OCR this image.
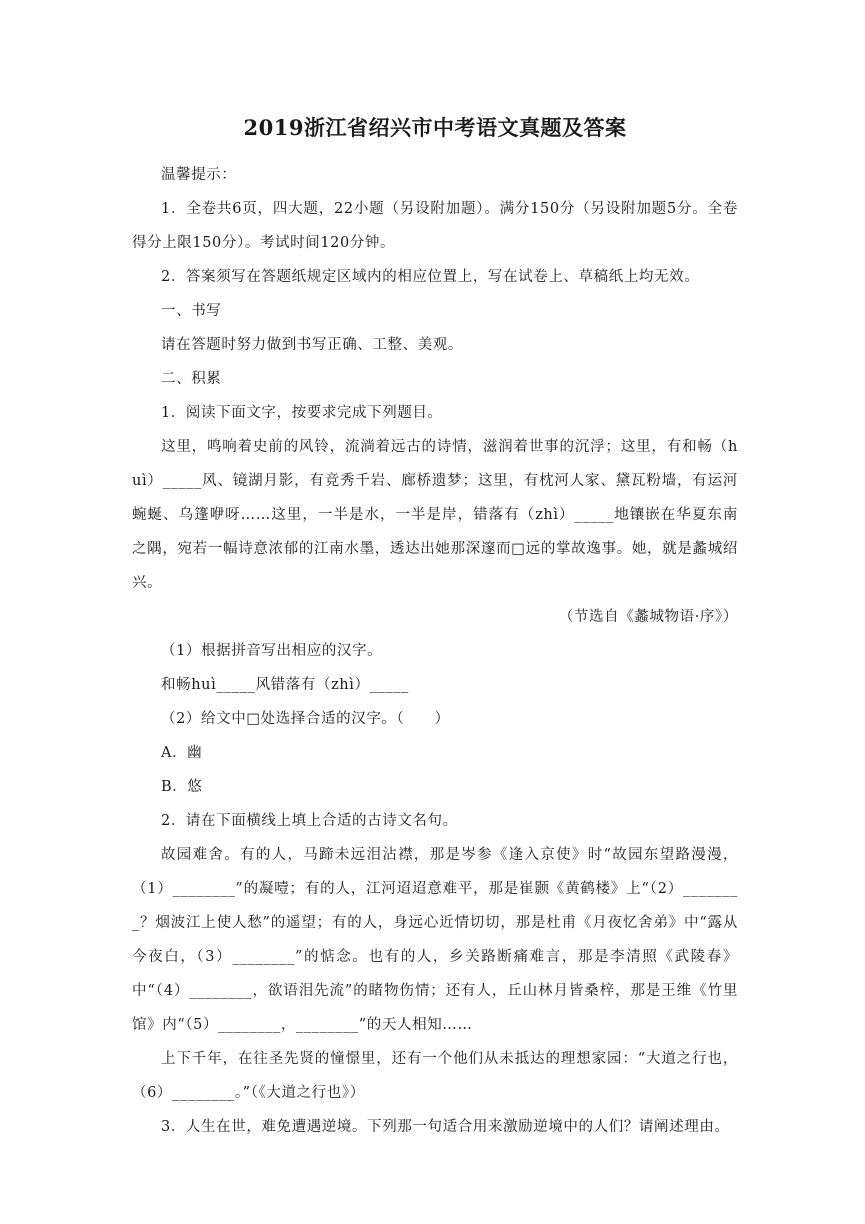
2019浙江省绍兴市中考语文真题及答案

温馨提示：

1．全卷共6页，四大题，22小题（另设附加题）。满分150分（另设附加题5分。全卷得分上限150分）。考试时间120分钟。

2．答案须写在答题纸规定区域内的相应位置上，写在试卷上、草稿纸上均无效。

一、书写

请在答题时努力做到书写正确、工整、美观。

二、积累

1．阅读下面文字，按要求完成下列题目。

这里，鸣响着史前的风铃，流淌着远古的诗情，滋润着世事的沉浮；这里，有和畅（huì）_____风、镜湖月影，有竞秀千岩、廊桥遗梦；这里，有枕河人家、黛瓦粉墙，有运河蜿蜒、乌篷咿呀……这里，一半是水，一半是岸，错落有（zhì）_____地镶嵌在华夏东南之隅，宛若一幅诗意浓郁的江南水墨，透达出她那深邃而□远的掌故逸事。她，就是蠡城绍兴。

（节选自《蠡城物语·序》）

（1）根据拼音写出相应的汉字。

和畅huì_____风错落有（zhì）_____

（2）给文中□处选择合适的汉字。（　　）

A．幽

B．悠

2．请在下面横线上填上合适的古诗文名句。

故园难舍。有的人，马蹄未远泪沾襟，那是岑参《逢入京使》时“故园东望路漫漫，（1）________”的凝噎；有的人，江河迢迢意难平，那是崔颢《黄鹤楼》上“（2）________？烟波江上使人愁”的遥望；有的人，身远心近情切切，那是杜甫《月夜忆舍弟》中“露从今夜白，（3）________”的惦念。也有的人，乡关路断痛难言，那是李清照《武陵春》中“（4）________，欲语泪先流”的睹物伤情；还有人，丘山林月皆桑梓，那是王维《竹里馆》内“（5）________，________”的天人相知……

上下千年，在往圣先贤的憧憬里，还有一个他们从未抵达的理想家园：“大道之行也，（6）________。”（《大道之行也》）

3．人生在世，难免遭遇逆境。下列那一句适合用来激励逆境中的人们？请阐述理由。
